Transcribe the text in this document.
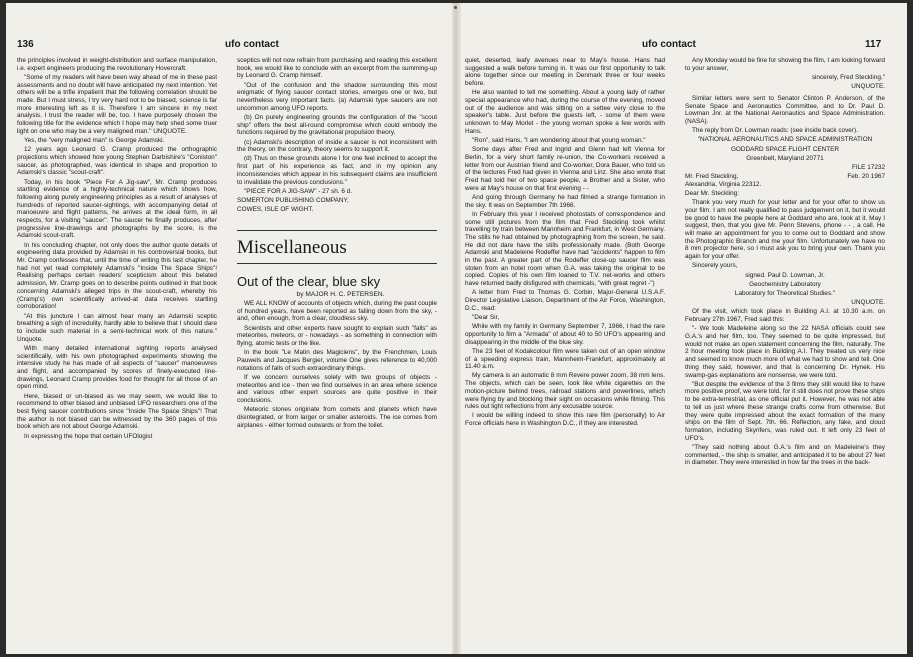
136	ufo contact

the principles involved in weight-distribution and surface manipulation, i.e. expert engineers producing the revolutionary Hovercraft.

"Some of my readers will have been way ahead of me in these past assessments and no doubt will have anticipated my next intention. Yet others will be a trifle impatient that the following correlation should be made. But I must stress, I try very hard not to be biased, science is far more interesting left as it is. Therefore I am sincere in my next analysis. I trust the reader will be, too. I have purposely chosen the following title for the evidence which I hope may help shed some truer light on one who may be a very maligned man." UNQUOTE.

Yes, the "very maligned man" is George Adamski.

12 years ago Leonard G. Cramp produced the orthographic projections which showed how young Stephen Darbishire's "Coniston" saucer, as photographed, was identical in shape and proportion to Adamski's classic "scout-craft".

Today, in his book "Piece For A Jig-saw", Mr. Cramp produces startling evidence of a highly-technical nature which shows how, following along purely engineering principles as a result of analyses of hundreds of reported saucer-sightings, with accompanying detail of manoeuvre and flight patterns, he arrives at the ideal form, in all respects, for a visiting "saucer". The saucer he finally produces, after progressive line-drawings and photographs by the score, is the Adamski scout-craft.

In his concluding chapter, not only does the author quote details of engineering data provided by Adamski in his controversial books, but Mr. Cramp confesses that, until the time of writing this last chapter, he had not yet read completely Adamski's "Inside The Space Ships"! Realising perhaps certain readers' scepticism about this belated admission, Mr. Cramp goes on to describe points outlined in that book concerning Adamski's alleged trips in the scout-craft, whereby his (Cramp's) own scientifically arrived-at data receives startling corroboration!

"At this juncture I can almost hear many an Adamski sceptic breathing a sigh of incredulity, hardly able to believe that I should dare to include such material in a semi-technical work of this nature." Unquote.

With many detailed international sighting reports analysed scientifically, with his own photographed experiments showing the intensive study he has made of all aspects of "saucer" manoeuvres and flight, and accompanied by scores of finely-executed line-drawings, Leonard Cramp provides food for thought for all those of an open mind.

Here, biased or un-biased as we may seem, we would like to recommend to other biased and unbiased UFO researchers one of the best flying saucer contributions since "Inside The Space Ships"! That the author is not biased can be witnessed by the 360 pages of this book which are not about George Adamski.

In expressing the hope that certain UFOlogist

sceptics will not now refrain from purchasing and reading this excellent book, we would like to conclude with an excerpt from the summing-up by Leonard G. Cramp himself.

"Out of the confusion and the shadow surrounding this most enigmatic of flying saucer contact stories, emerges one or two, but nevertheless very important facts. (a) Adamski type saucers are not uncommon among UFO reports.

(b) On purely engineering grounds the configuration of the "scout ship" offers the best all-round compromise which could embody the functions required by the gravitational propulsion theory.

(c) Adamski's description of inside a saucer is not inconsistent with the theory, on the contrary, theory seems to support it.

(d) Thus on these grounds alone I for one feel inclined to accept the first part of his experience as fact, and in my opinion any inconsistencies which appear in his subsequent claims are insufficient to invalidate the previous conclusions."

"PIECE FOR A JIG-SAW" - 27 sh. 6 d.

SOMERTON PUBLISHING COMPANY,

COWES, ISLE OF WIGHT.

Miscellaneous
Out of the clear, blue sky

by MAJOR H. C. PETERSEN.

WE ALL KNOW of accounts of objects which, during the past couple of hundred years, have been reported as falling down from the sky, - and, often enough, from a clear, cloudless sky.

Scientists and other experts have sought to explain such "falls" as meteorites, meteors, or - nowadays - as something in connection with flying, atomic tests or the like.

In the book "Le Matin des Magiciens", by the Frenchmen, Louis Pauwels and Jacques Bergier, volume One gives reference to 40,000 notations of falls of such extraordinary things.

If we concern ourselves solely with two groups of objects - meteorites and ice - then we find ourselves in an area where science and various other expert sources are quite positive in their conclusions.

Meteoric stones originate from comets and planets which have disintegrated, or from larger or smaller asteroids. The ice comes from airplanes - either formed outwards or from the toilet.

ufo contact	117

quiet, deserted, leafy avenues near to May's house. Hans had suggested a walk before turning in. It was our first opportunity to talk alone together since our meeting in Denmark three or four weeks before.

He also wanted to tell me something. About a young lady of rather special appearance who had, during the course of the evening, moved out of the audience and was sitting on a settee very close to the speaker's table. Just before the guests left, - some of them were unknown to May Morlet - the young woman spoke a few words with Hans.

"Ron", said Hans, "I am wondering about that young woman."

Some days after Fred and Ingrid and Glenn had left Vienna for Berlin, for a very short family re-union, the Co-workers received a letter from our Austrian friend and Co-worker, Dora Bauer, who told us of the lectures Fred had given in Vienna and Linz. She also wrote that Fred had told her of two space people, a Brother and a Sister, who were at May's house on that first evening - -

And going through Germany he had filmed a strange formation in the sky. It was on September 7th 1966.

In February this year I received photostats of correspondence and some still pictures from the film that Fred Steckling took whilst travelling by train between Mannheim and Frankfurt, in West Germany. The stills he had obtained by photographing from the screen, he said. He did not dare have the stills professionally made. (Both George Adamski and Madeleine Rodeffer have had "accidents" happen to film in the past. A greater part of the Rodeffer close-up saucer film was stolen from an hotel room when G.A. was taking the original to be copied. Copies of his own film loaned to T.V. net-works and others have returned badly disfigured with chemicals, "with great regret -")

A letter from Fred to Thomas G. Corbin, Major-General U.S.A.F. Director Legislative Liaison, Department of the Air Force, Washington, D.C., read:

"Dear Sir,

While with my family in Germany September 7, 1966, I had the rare opportunity to film a "Armada" of about 40 to 50 UFO's appearing and disappearing in the middle of the blue sky.

The 23 feet of Kodakcolour film were taken out of an open window of a speeding express train, Mannheim-Frankfurt, approximately at 11.40 a.m.

My camera is an automatic 8 mm Revere power zoom, 38 mm lens. The objects, which can be seen, look like white cigarettes on the motion-picture behind trees, railroad stations and powerlines, which were flying by and blocking their sight on occasions while filming. This rules out light reflections from any excusable source.

I would be willing indeed to show this rare film (personally) to Air Force officials here in Washington D.C., if they are interested.

Any Monday would be fine for showing the film, I am looking forward to your answer,

sincerely, Fred Steckling."

UNQUOTE.

Similar letters were sent to Senator Clinton P. Anderson, of the Senate Space and Aeronautics Committee, and to Dr. Paul D. Lowman Jnr. at the National Aeronautics and Space Administration. (NASA).

The reply from Dr. Lowman reads: (see inside back cover).

"NATIONAL AERONAUTICS AND SPACE ADMINISTRATION

GODDARD SPACE FLIGHT CENTER

Greenbelt, Maryland 20771

FILE 17232

Mr. Fred Steckling,	Feb. 20 1967

Alexandria, Virginia 22312.

Dear Mr. Steckling:

Thank you very much for your letter and for your offer to show us your film. I am not really qualified to pass judgement on it, but it would be good to have the people here at Goddard who are, look at it. May I suggest, then, that you give Mr. Penn Stevens, phone - - , a call. He will make an appointment for you to come out to Goddard and show the Photographic Branch and me your film. Unfortunately we have no 8 mm projector here, so I must ask you to bring your own. Thank you again for your offer.

Sincerely yours,

signed. Paul D. Lowman, Jr.

Geochemistry Laboratory

Laboratory for Theoretical Studies."

UNQUOTE.

Of the visit, which took place in Building A.I. at 10.30 a.m. on February 27th 1967, Fred said this:

"- We took Madeleine along so the 22 NASA officials could see G.A.'s and her film, too. They seemed to be quite impressed, but would not make an open statement concerning the film, naturally. The 2 hour meeting took place in Building A.I. They treated us very nice and seemed to know much more of what we had to show and tell. One thing they said, however, and that is concerning Dr. Hynek. His swamp-gas explanations are nonsense, we were told.

"But despite the evidence of the 3 films they still would like to have more positive proof, we were told, for it still does not prove these ships to be extra-terrestrial, as one official put it. However, he was not able to tell us just where these strange crafts come from otherwise. But they were quite impressed about the exact formation of the many ships on the film of Sept. 7th. 66. Reflection, any fake, and cloud formation, including Skyrifers, was ruled out. It left only 23 feet of UFO's.

"They said nothing about G.A.'s film and on Madeleine's they commented, - the ship is smaller, and anticipated it to be about 27 feet in diameter. They were interested in how far the trees in the back-
